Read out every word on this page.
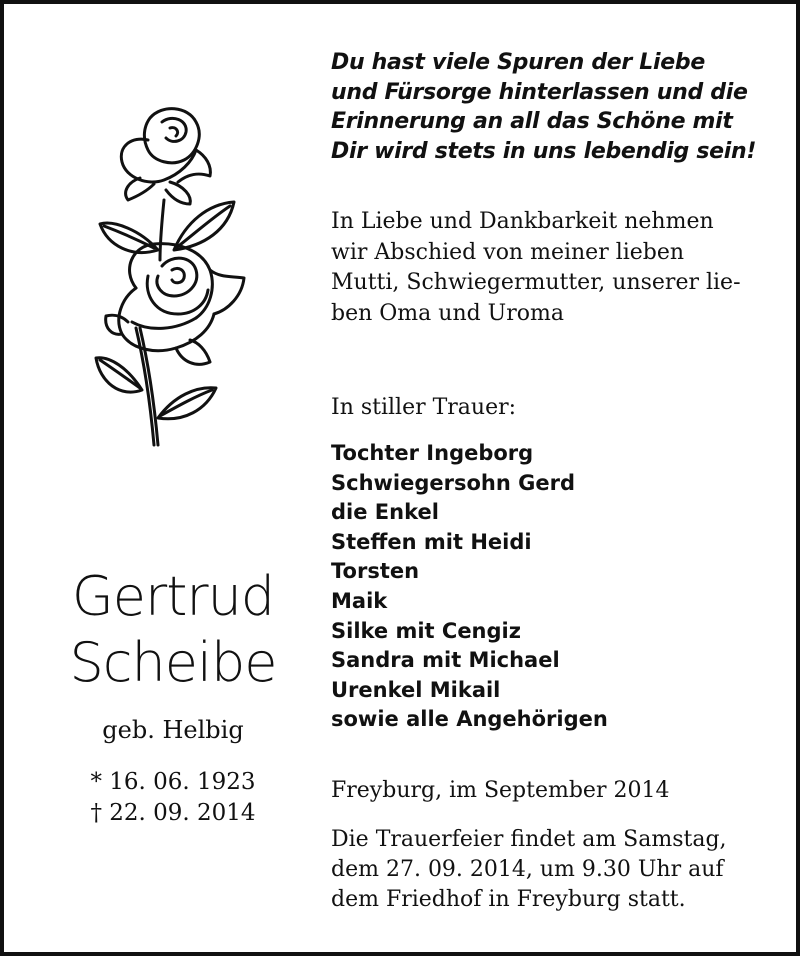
Gertrud
Scheibe
geb. Helbig
* 16. 06. 1923
† 22. 09. 2014
Du hast viele Spuren der Liebe
und Fürsorge hinterlassen und die
Erinnerung an all das Schöne mit
Dir wird stets in uns lebendig sein!
In Liebe und Dankbarkeit nehmen
wir Abschied von meiner lieben
Mutti, Schwiegermutter, unserer lie-
ben Oma und Uroma
In stiller Trauer:
Tochter Ingeborg
Schwiegersohn Gerd
die Enkel
Steffen mit Heidi
Torsten
Maik
Silke mit Cengiz
Sandra mit Michael
Urenkel Mikail
sowie alle Angehörigen
Freyburg, im September 2014
Die Trauerfeier findet am Samstag,
dem 27. 09. 2014, um 9.30 Uhr auf
dem Friedhof in Freyburg statt.
